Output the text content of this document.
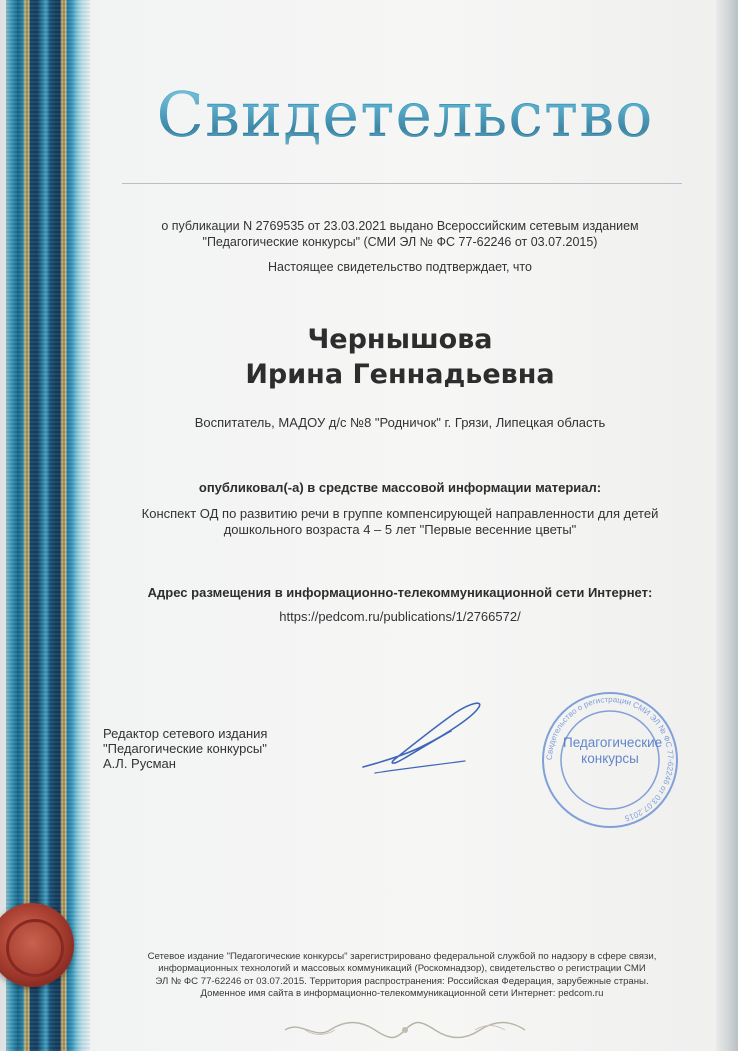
Свидетельство
о публикации N 2769535 от 23.03.2021 выдано Всероссийским сетевым изданием
"Педагогические конкурсы" (СМИ ЭЛ № ФС 77-62246 от 03.07.2015)
Настоящее свидетельство подтверждает, что
Чернышова
Ирина Геннадьевна
Воспитатель, МАДОУ д/с №8 "Родничок" г. Грязи, Липецкая область
опубликовал(-а) в средстве массовой информации материал:
Конспект ОД по развитию речи в группе компенсирующей направленности для детей
дошкольного возраста 4 – 5 лет "Первые весенние цветы"
Адрес размещения в информационно-телекоммуникационной сети Интернет:
https://pedcom.ru/publications/1/2766572/
Редактор сетевого издания
"Педагогические конкурсы"
А.Л. Русман	Свидетельство о регистрации СМИ ЭЛ № ФС 77-62246 от 03.07.2015
Педагогические
конкурсы
Сетевое издание "Педагогические конкурсы" зарегистрировано федеральной службой по надзору в сфере связи,
информационных технологий и массовых коммуникаций (Роскомнадзор), свидетельство о регистрации СМИ
ЭЛ № ФС 77-62246 от 03.07.2015. Территория распространения: Российская Федерация, зарубежные страны.
Доменное имя сайта в информационно-телекоммуникационной сети Интернет: pedcom.ru
